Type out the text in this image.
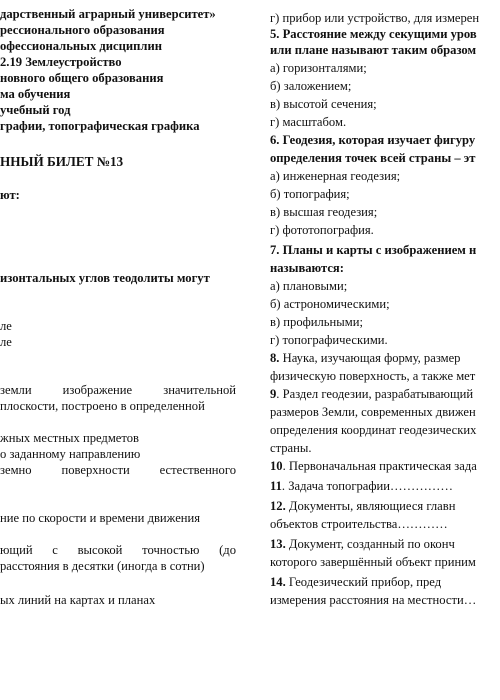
дарственный аграрный университет»
рессионального образования
офессиональных дисциплин
2.19 Землеустройство
новного общего образования
ма обучения
учебный год
графии, топографическая графика
ННЫЙ БИЛЕТ №13
ют:
изонтальных углов теодолиты могут
ле
ле
земли изображение значительной
плоскости, построено в определенной
жных местных предметов
о заданному направлению
земно поверхности естественного
ние по скорости и времени движения
ющий с высокой точностью (до
расстояния в десятки (иногда в сотни)
ых линий на картах и планах
г) прибор или устройство, для измерен
5. Расстояние между секущими уров
или плане называют таким образом
а) горизонталями;
б) заложением;
в) высотой сечения;
г) масштабом.
6. Геодезия, которая изучает фигуру
определения точек всей страны – эт
а) инженерная геодезия;
б) топография;
в) высшая геодезия;
г) фототопография.
7. Планы и карты с изображением н
называются:
а) плановыми;
б) астрономическими;
в) профильными;
г) топографическими.
8. Наука, изучающая форму, размер
физическую поверхность, а также мет
9. Раздел геодезии, разрабатывающий
размеров Земли, современных движен
определения координат геодезических
страны.
10. Первоначальная практическая зада
11. Задача топографии……………
12. Документы, являющиеся главн
объектов строительства…………
13. Документ, созданный по оконч
которого завершённый объект приним
14. Геодезический прибор, пред
измерения расстояния на местности…
